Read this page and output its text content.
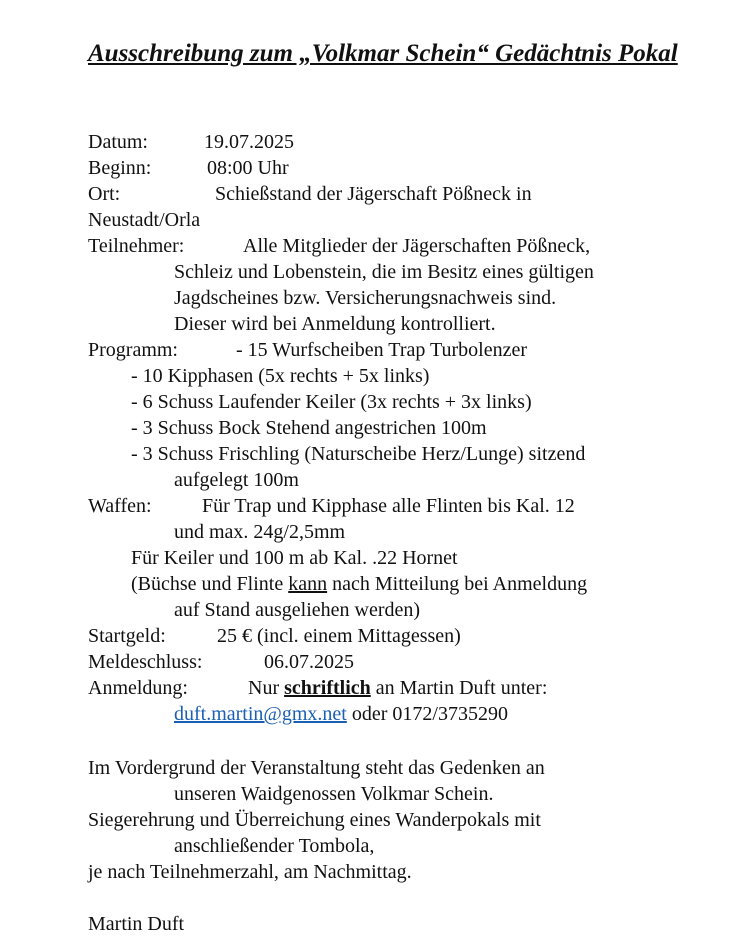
Ausschreibung zum „Volkmar Schein“ Gedächtnis Pokal
Datum:	19.07.2025
Beginn:	08:00 Uhr
Ort:	Schießstand der Jägerschaft Pößneck in
Neustadt/Orla
Teilnehmer:	Alle Mitglieder der Jägerschaften Pößneck,
Schleiz und Lobenstein, die im Besitz eines gültigen
Jagdscheines bzw. Versicherungsnachweis sind.
Dieser wird bei Anmeldung kontrolliert.
Programm:	- 15 Wurfscheiben Trap Turbolenzer
- 10 Kipphasen (5x rechts + 5x links)
- 6 Schuss Laufender Keiler (3x rechts + 3x links)
- 3 Schuss Bock Stehend angestrichen 100m
- 3 Schuss Frischling (Naturscheibe Herz/Lunge) sitzend
aufgelegt 100m
Waffen:	Für Trap und Kipphase alle Flinten bis Kal. 12
und max. 24g/2,5mm
Für Keiler und 100 m ab Kal. .22 Hornet
(Büchse und Flinte kann nach Mitteilung bei Anmeldung
auf Stand ausgeliehen werden)
Startgeld:	25 € (incl. einem Mittagessen)
Meldeschluss:	06.07.2025
Anmeldung:	Nur schriftlich an Martin Duft unter:
duft.martin@gmx.net oder 0172/3735290
Im Vordergrund der Veranstaltung steht das Gedenken an
unseren Waidgenossen Volkmar Schein.
Siegerehrung und Überreichung eines Wanderpokals mit
anschließender Tombola,
je nach Teilnehmerzahl, am Nachmittag.
Martin Duft
